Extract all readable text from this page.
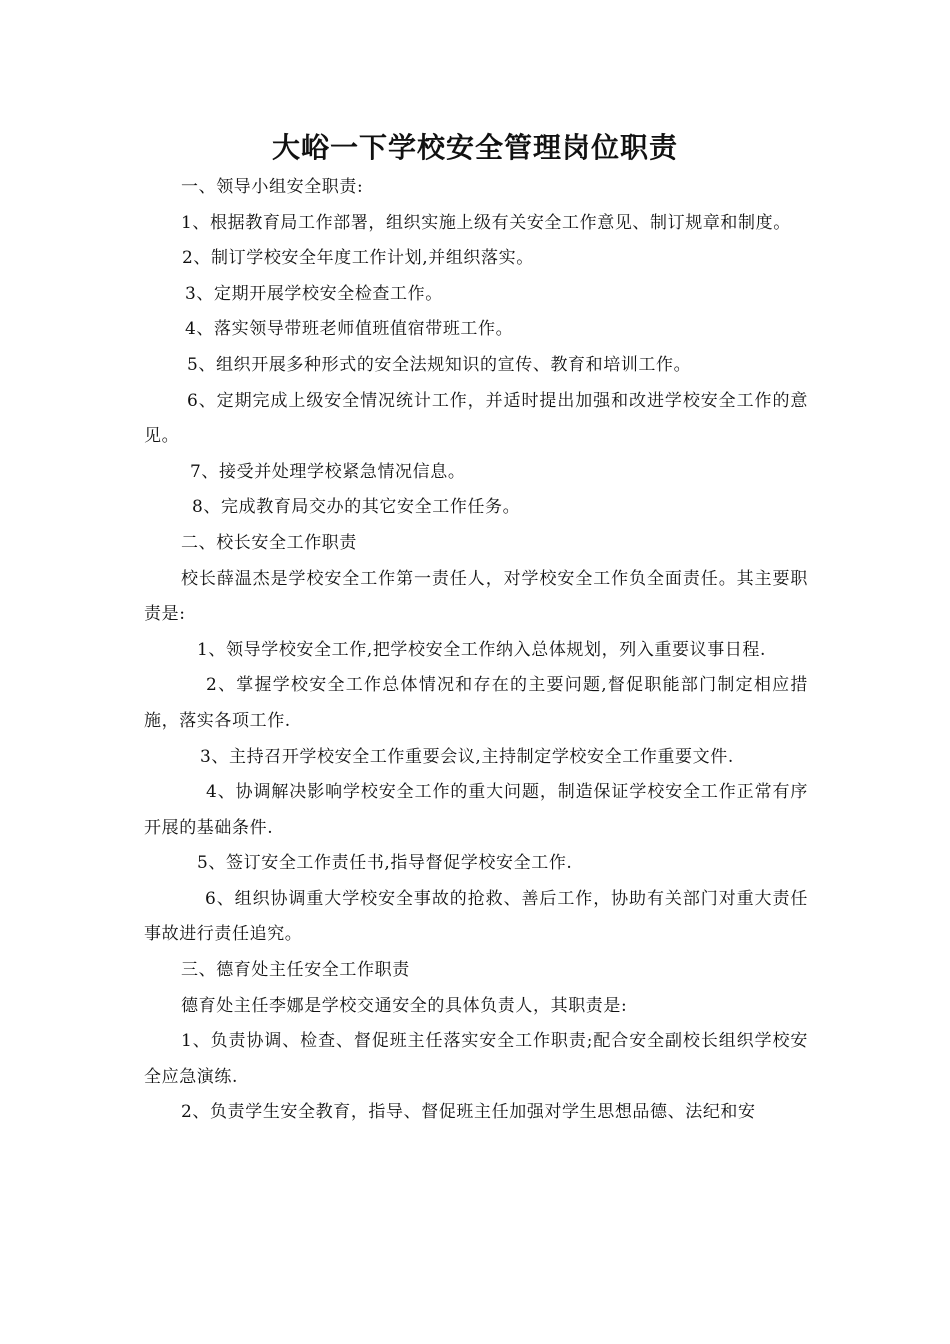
大峪一下学校安全管理岗位职责

一、领导小组安全职责:

1、根据教育局工作部署，组织实施上级有关安全工作意见、制订规章和制度。

2、制订学校安全年度工作计划,并组织落实。

3、定期开展学校安全检查工作。

4、落实领导带班老师值班值宿带班工作。

5、组织开展多种形式的安全法规知识的宣传、教育和培训工作。

6、定期完成上级安全情况统计工作，并适时提出加强和改进学校安全工作的意见。

7、接受并处理学校紧急情况信息。

8、完成教育局交办的其它安全工作任务。

二、校长安全工作职责

校长薛温杰是学校安全工作第一责任人，对学校安全工作负全面责任。其主要职责是:

1、领导学校安全工作,把学校安全工作纳入总体规划，列入重要议事日程.

2、掌握学校安全工作总体情况和存在的主要问题,督促职能部门制定相应措施，落实各项工作.

3、主持召开学校安全工作重要会议,主持制定学校安全工作重要文件.

4、协调解决影响学校安全工作的重大问题，制造保证学校安全工作正常有序开展的基础条件.

5、签订安全工作责任书,指导督促学校安全工作.

6、组织协调重大学校安全事故的抢救、善后工作，协助有关部门对重大责任事故进行责任追究。

三、德育处主任安全工作职责

德育处主任李娜是学校交通安全的具体负责人，其职责是:

1、负责协调、检查、督促班主任落实安全工作职责;配合安全副校长组织学校安全应急演练.

2、负责学生安全教育，指导、督促班主任加强对学生思想品德、法纪和安
